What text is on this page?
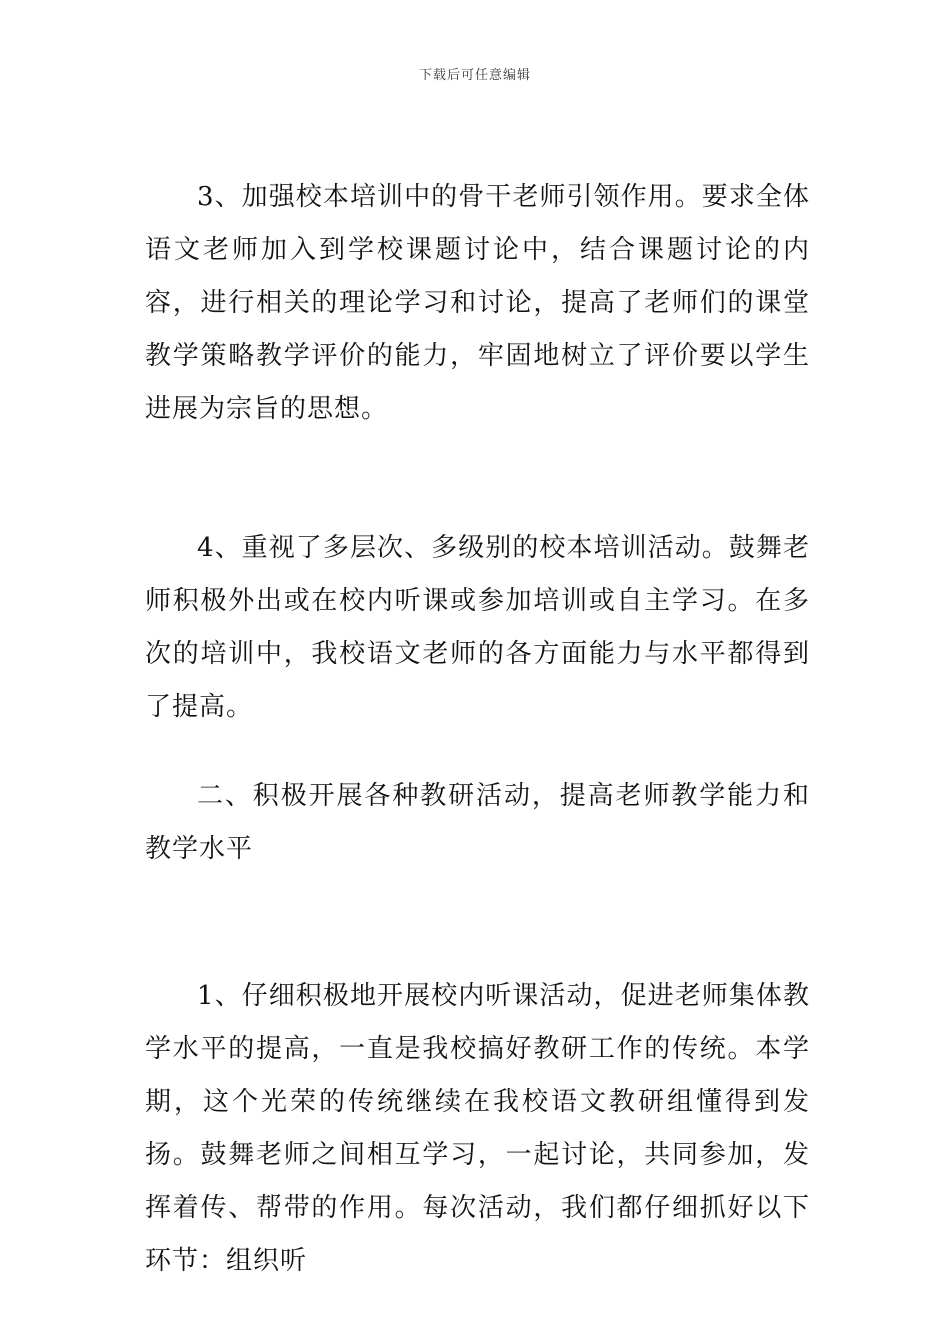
下载后可任意编辑

3、加强校本培训中的骨干老师引领作用。要求全体语文老师加入到学校课题讨论中，结合课题讨论的内容，进行相关的理论学习和讨论，提高了老师们的课堂教学策略教学评价的能力，牢固地树立了评价要以学生进展为宗旨的思想。

4、重视了多层次、多级别的校本培训活动。鼓舞老师积极外出或在校内听课或参加培训或自主学习。在多次的培训中，我校语文老师的各方面能力与水平都得到了提高。

二、积极开展各种教研活动，提高老师教学能力和教学水平

1、仔细积极地开展校内听课活动，促进老师集体教学水平的提高，一直是我校搞好教研工作的传统。本学期，这个光荣的传统继续在我校语文教研组懂得到发扬。鼓舞老师之间相互学习，一起讨论，共同参加，发挥着传、帮带的作用。每次活动，我们都仔细抓好以下环节：组织听
